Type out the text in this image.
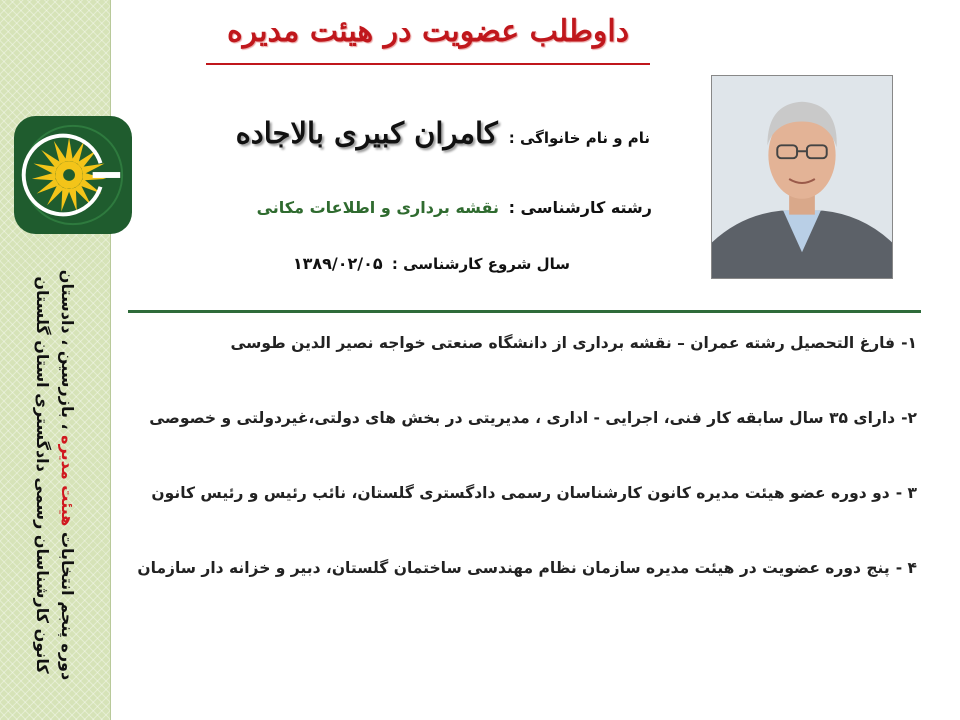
دوره پنجم انتخابات هیئت مدیره ، بازرسین ، دادستان
کانون کارشناسان رسمی دادگستری استان گلستان
داوطلب عضویت در هیئت مدیره
نام و نام خانواگی : کامران کبیری بالاجاده
رشته کارشناسی : نقشه برداری و اطلاعات مکانی
سال شروع کارشناسی : ۱۳۸۹/۰۲/۰۵

۱-فارغ التحصیل رشته عمران – نقشه برداری از دانشگاه صنعتی خواجه نصیر الدین طوسی

۲-دارای ۳۵ سال سابقه کار فنی، اجرایی - اداری ، مدیریتی در بخش های دولتی،غیردولتی و خصوصی

۳ -دو دوره عضو هیئت مدیره کانون کارشناسان رسمی دادگستری گلستان، نائب رئیس و رئیس کانون

۴ -پنج دوره عضویت در هیئت مدیره سازمان نظام مهندسی ساختمان گلستان، دبیر و خزانه دار سازمان
